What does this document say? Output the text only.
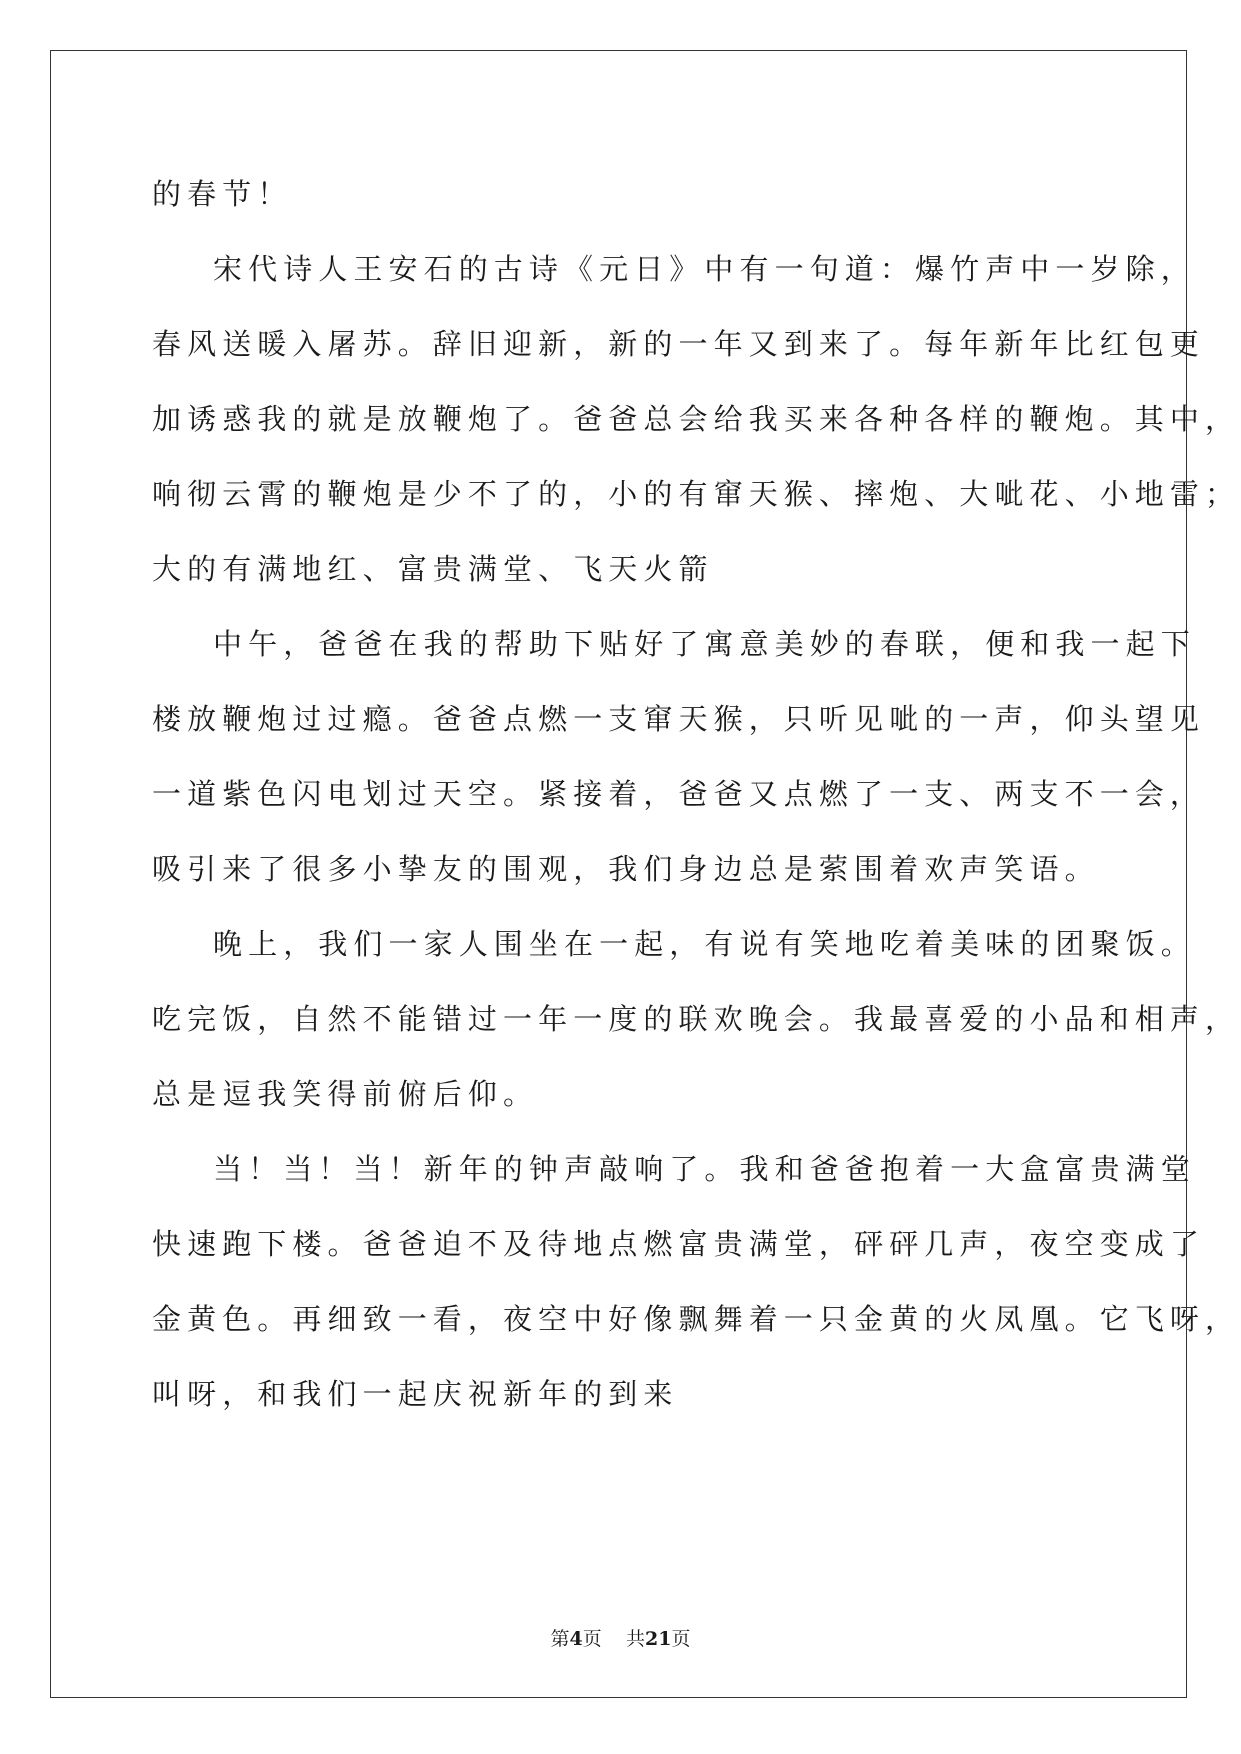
的春节！
宋代诗人王安石的古诗《元日》中有一句道：爆竹声中一岁除，
春风送暖入屠苏。辞旧迎新，新的一年又到来了。每年新年比红包更
加诱惑我的就是放鞭炮了。爸爸总会给我买来各种各样的鞭炮。其中，
响彻云霄的鞭炮是少不了的，小的有窜天猴、摔炮、大呲花、小地雷；
大的有满地红、富贵满堂、飞天火箭
中午，爸爸在我的帮助下贴好了寓意美妙的春联，便和我一起下
楼放鞭炮过过瘾。爸爸点燃一支窜天猴，只听见呲的一声，仰头望见
一道紫色闪电划过天空。紧接着，爸爸又点燃了一支、两支不一会，
吸引来了很多小挚友的围观，我们身边总是萦围着欢声笑语。
晚上，我们一家人围坐在一起，有说有笑地吃着美味的团聚饭。
吃完饭，自然不能错过一年一度的联欢晚会。我最喜爱的小品和相声，
总是逗我笑得前俯后仰。
当！当！当！新年的钟声敲响了。我和爸爸抱着一大盒富贵满堂
快速跑下楼。爸爸迫不及待地点燃富贵满堂，砰砰几声，夜空变成了
金黄色。再细致一看，夜空中好像飘舞着一只金黄的火凤凰。它飞呀，
叫呀，和我们一起庆祝新年的到来
第4页 共21页
